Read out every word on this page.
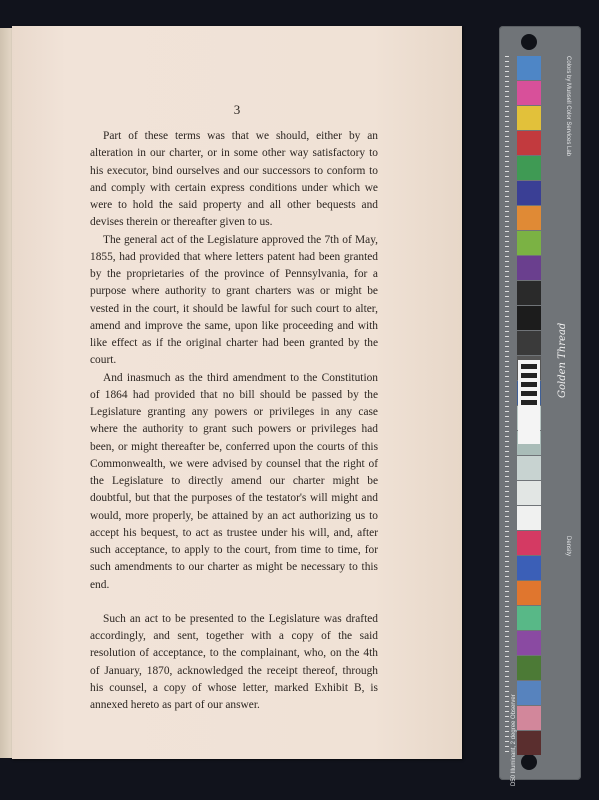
3

Part of these terms was that we should, either by an alteration in our charter, or in some other way satisfactory to his executor, bind ourselves and our successors to conform to and comply with certain express conditions under which we were to hold the said property and all other bequests and devises therein or thereafter given to us.

The general act of the Legislature approved the 7th of May, 1855, had provided that where letters patent had been granted by the proprietaries of the province of Pennsylvania, for a purpose where authority to grant charters was or might be vested in the court, it should be lawful for such court to alter, amend and improve the same, upon like proceeding and with like effect as if the original charter had been granted by the court.

And inasmuch as the third amendment to the Constitution of 1864 had provided that no bill should be passed by the Legislature granting any powers or privileges in any case where the authority to grant such powers or privileges had been, or might thereafter be, conferred upon the courts of this Commonwealth, we were advised by counsel that the right of the Legislature to directly amend our charter might be doubtful, but that the purposes of the testator's will might and would, more properly, be attained by an act authorizing us to accept his bequest, to act as trustee under his will, and, after such acceptance, to apply to the court, from time to time, for such amendments to our charter as might be necessary to this end.

Such an act to be presented to the Legislature was drafted accordingly, and sent, together with a copy of the said resolution of acceptance, to the complainant, who, on the 4th of January, 1870, acknowledged the receipt thereof, through his counsel, a copy of whose letter, marked Exhibit B, is annexed hereto as part of our answer.

Colors by Munsell Color Services Lab
Density
D50 Illuminant, 2 degree Observer
Golden Thread
